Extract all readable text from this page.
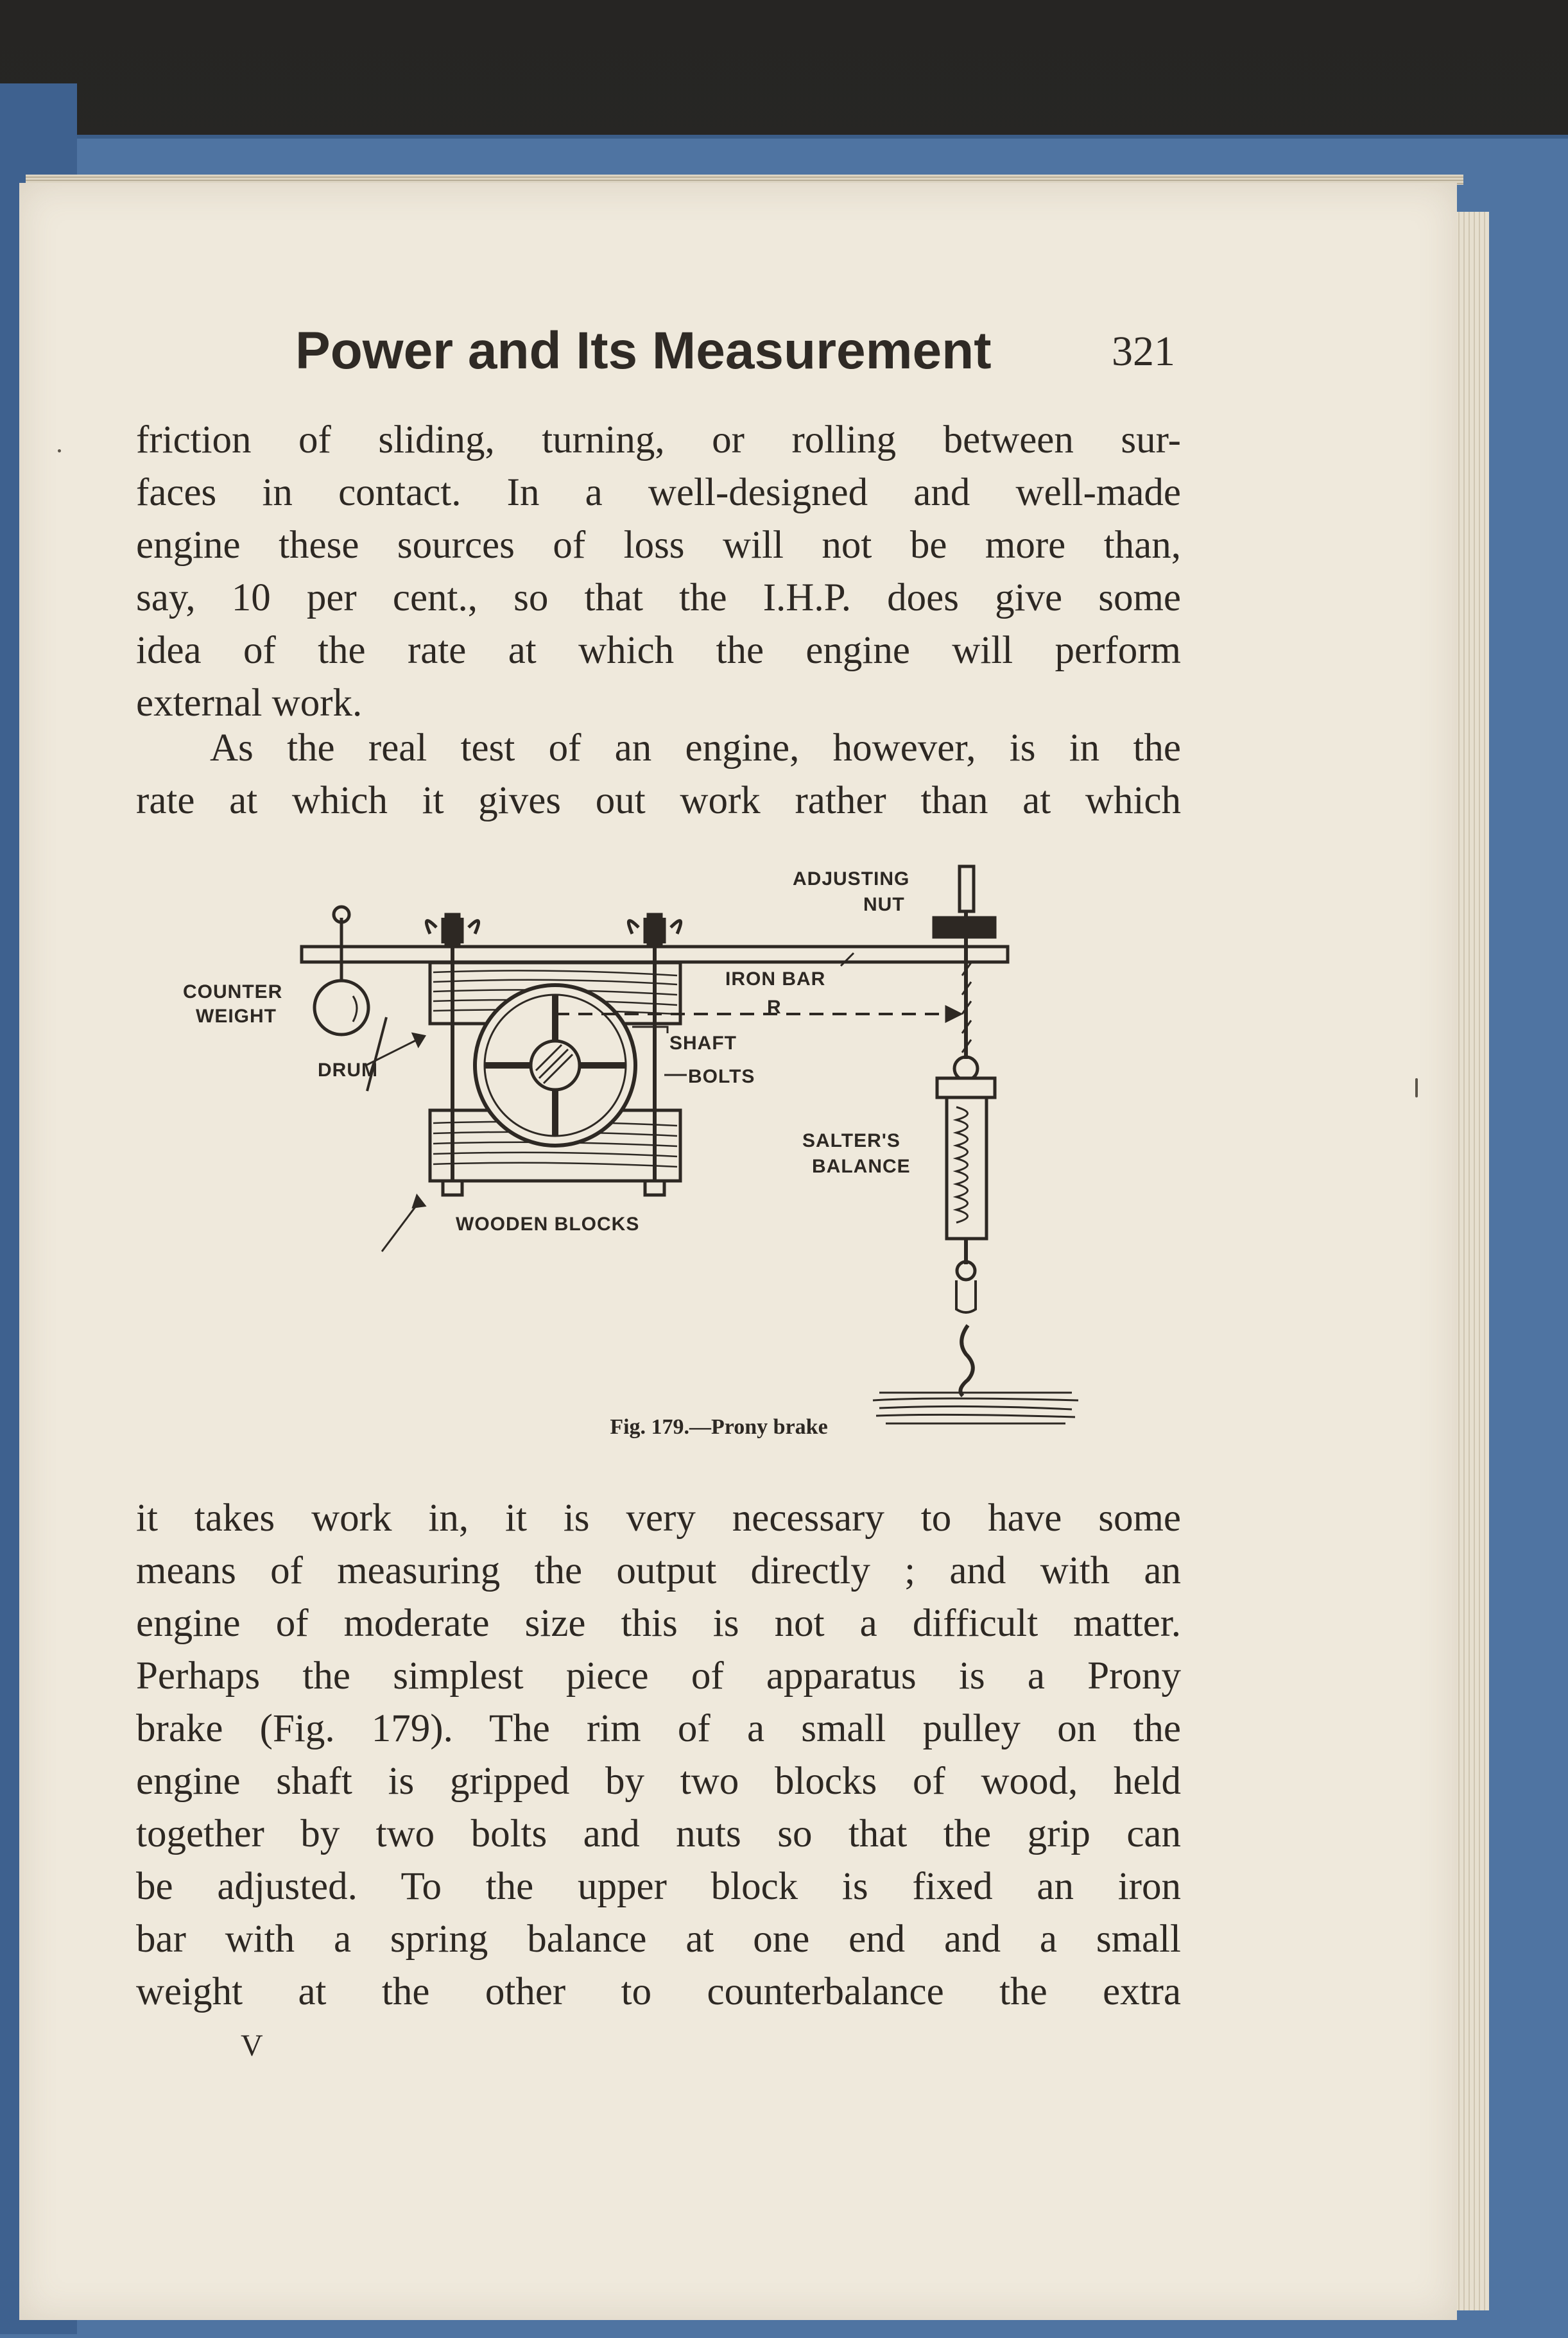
Power and Its Measurement	321
friction of sliding, turning, or rolling between sur-
faces in contact. In a well-designed and well-made
engine these sources of loss will not be more than,
say, 10 per cent., so that the I.H.P. does give some
idea of the rate at which the engine will perform
external work.
As the real test of an engine, however, is in the
rate at which it gives out work rather than at which
ADJUSTING
NUT
IRON BAR
R
COUNTER
WEIGHT
DRUM
SHAFT
BOLTS
SALTER'S
BALANCE
WOODEN BLOCKS
Fig. 179.—Prony brake
it takes work in, it is very necessary to have some
means of measuring the output directly ; and with an
engine of moderate size this is not a difficult matter.
Perhaps the simplest piece of apparatus is a Prony
brake (Fig. 179). The rim of a small pulley on the
engine shaft is gripped by two blocks of wood, held
together by two bolts and nuts so that the grip can
be adjusted. To the upper block is fixed an iron
bar with a spring balance at one end and a small
weight at the other to counterbalance the extra
V
